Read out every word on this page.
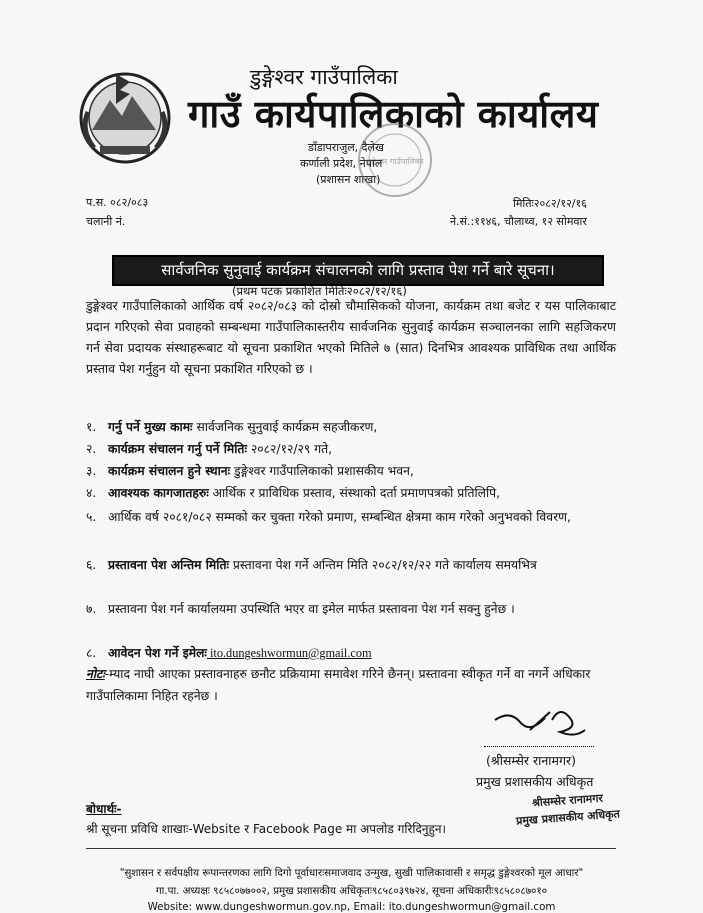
डुङ्गेश्वर गाउँपालिका
गाउँ कार्यपालिकाको कार्यालय
डाँडापराजुल, दैलेख
कर्णाली प्रदेश, नेपाल
(प्रशासन शाखा)
डुङ्गेश्वर गाउँपालिका
प.स. ०८२/०८३
चलानी नं.
मितिः२०८२/१२/१६
ने.सं.:११४६, चौलाथ्व, १२ सोमवार
सार्वजनिक सुनुवाई कार्यक्रम संचालनको लागि प्रस्ताव पेश गर्ने बारे सूचना।
(प्रथम पटक प्रकाशित मितिः२०८२/१२/१६)
डुङ्गेश्वर गाउँपालिकाको आर्थिक वर्ष २०८२/०८३ को दोस्रो चौमासिकको योजना, कार्यक्रम तथा बजेट र यस पालिकाबाट प्रदान गरिएको सेवा प्रवाहको सम्बन्धमा गाउँपालिकास्तरीय सार्वजनिक सुनुवाई कार्यक्रम सञ्चालनका लागि सहजिकरण गर्न सेवा प्रदायक संस्थाहरूबाट यो सूचना प्रकाशित भएको मितिले ७ (सात) दिनभित्र आवश्यक प्राविधिक तथा आर्थिक प्रस्ताव पेश गर्नुहुन यो सूचना प्रकाशित गरिएको छ ।
१. गर्नु पर्ने मुख्य कामः सार्वजनिक सुनुवाई कार्यक्रम सहजीकरण,
२. कार्यक्रम संचालन गर्नु पर्ने मितिः २०८२/१२/२९ गते,
३. कार्यक्रम संचालन हुने स्थानः डुङ्गेश्वर गाउँपालिकाको प्रशासकीय भवन,
४. आवश्यक कागजातहरुः आर्थिक र प्राविधिक प्रस्ताव, संस्थाको दर्ता प्रमाणपत्रको प्रतिलिपि,
५. आर्थिक वर्ष २०८१/०८२ सम्मको कर चुक्ता गरेको प्रमाण, सम्बन्धित क्षेत्रमा काम गरेको अनुभवको विवरण,
६. प्रस्तावना पेश अन्तिम मितिः प्रस्तावना पेश गर्ने अन्तिम मिति २०८२/१२/२२ गते कार्यालय समयभित्र
७. प्रस्तावना पेश गर्न कार्यालयमा उपस्थिति भएर वा इमेल मार्फत प्रस्तावना पेश गर्न सक्नु हुनेछ ।
८. आवेदन पेश गर्ने इमेलः ito.dungeshwormun@gmail.com
नोटः-म्याद नाघी आएका प्रस्तावनाहरु छनौट प्रक्रियामा समावेश गरिने छैनन्। प्रस्तावना स्वीकृत गर्ने वा नगर्ने अधिकार गाउँपालिकामा निहित रहनेछ ।
(श्रीसम्सेर रानामगर)
प्रमुख प्रशासकीय अधिकृत
श्रीसम्सेर रानामगर
प्रमुख प्रशासकीय अधिकृत
बोधार्थः-
श्री सूचना प्रविधि शाखाः-Website र Facebook Page मा अपलोड गरिदिनुहुन।
"सुशासन र सर्वपक्षीय रूपान्तरणका लागि दिगो पूर्वाधारःसमाजवाद उन्मुख, सुखी पालिकावासी र समृद्ध डुङ्गेश्वरको मूल आधार"
गा.पा. अध्यक्षः ९८५८०७७००२, प्रमुख प्रशासकीय अधिकृतः९८५८०३९७२४, सूचना अधिकारीः९८५८०८७०१०
Website: www.dungeshwormun.gov.np, Email: ito.dungeshwormun@gmail.com
